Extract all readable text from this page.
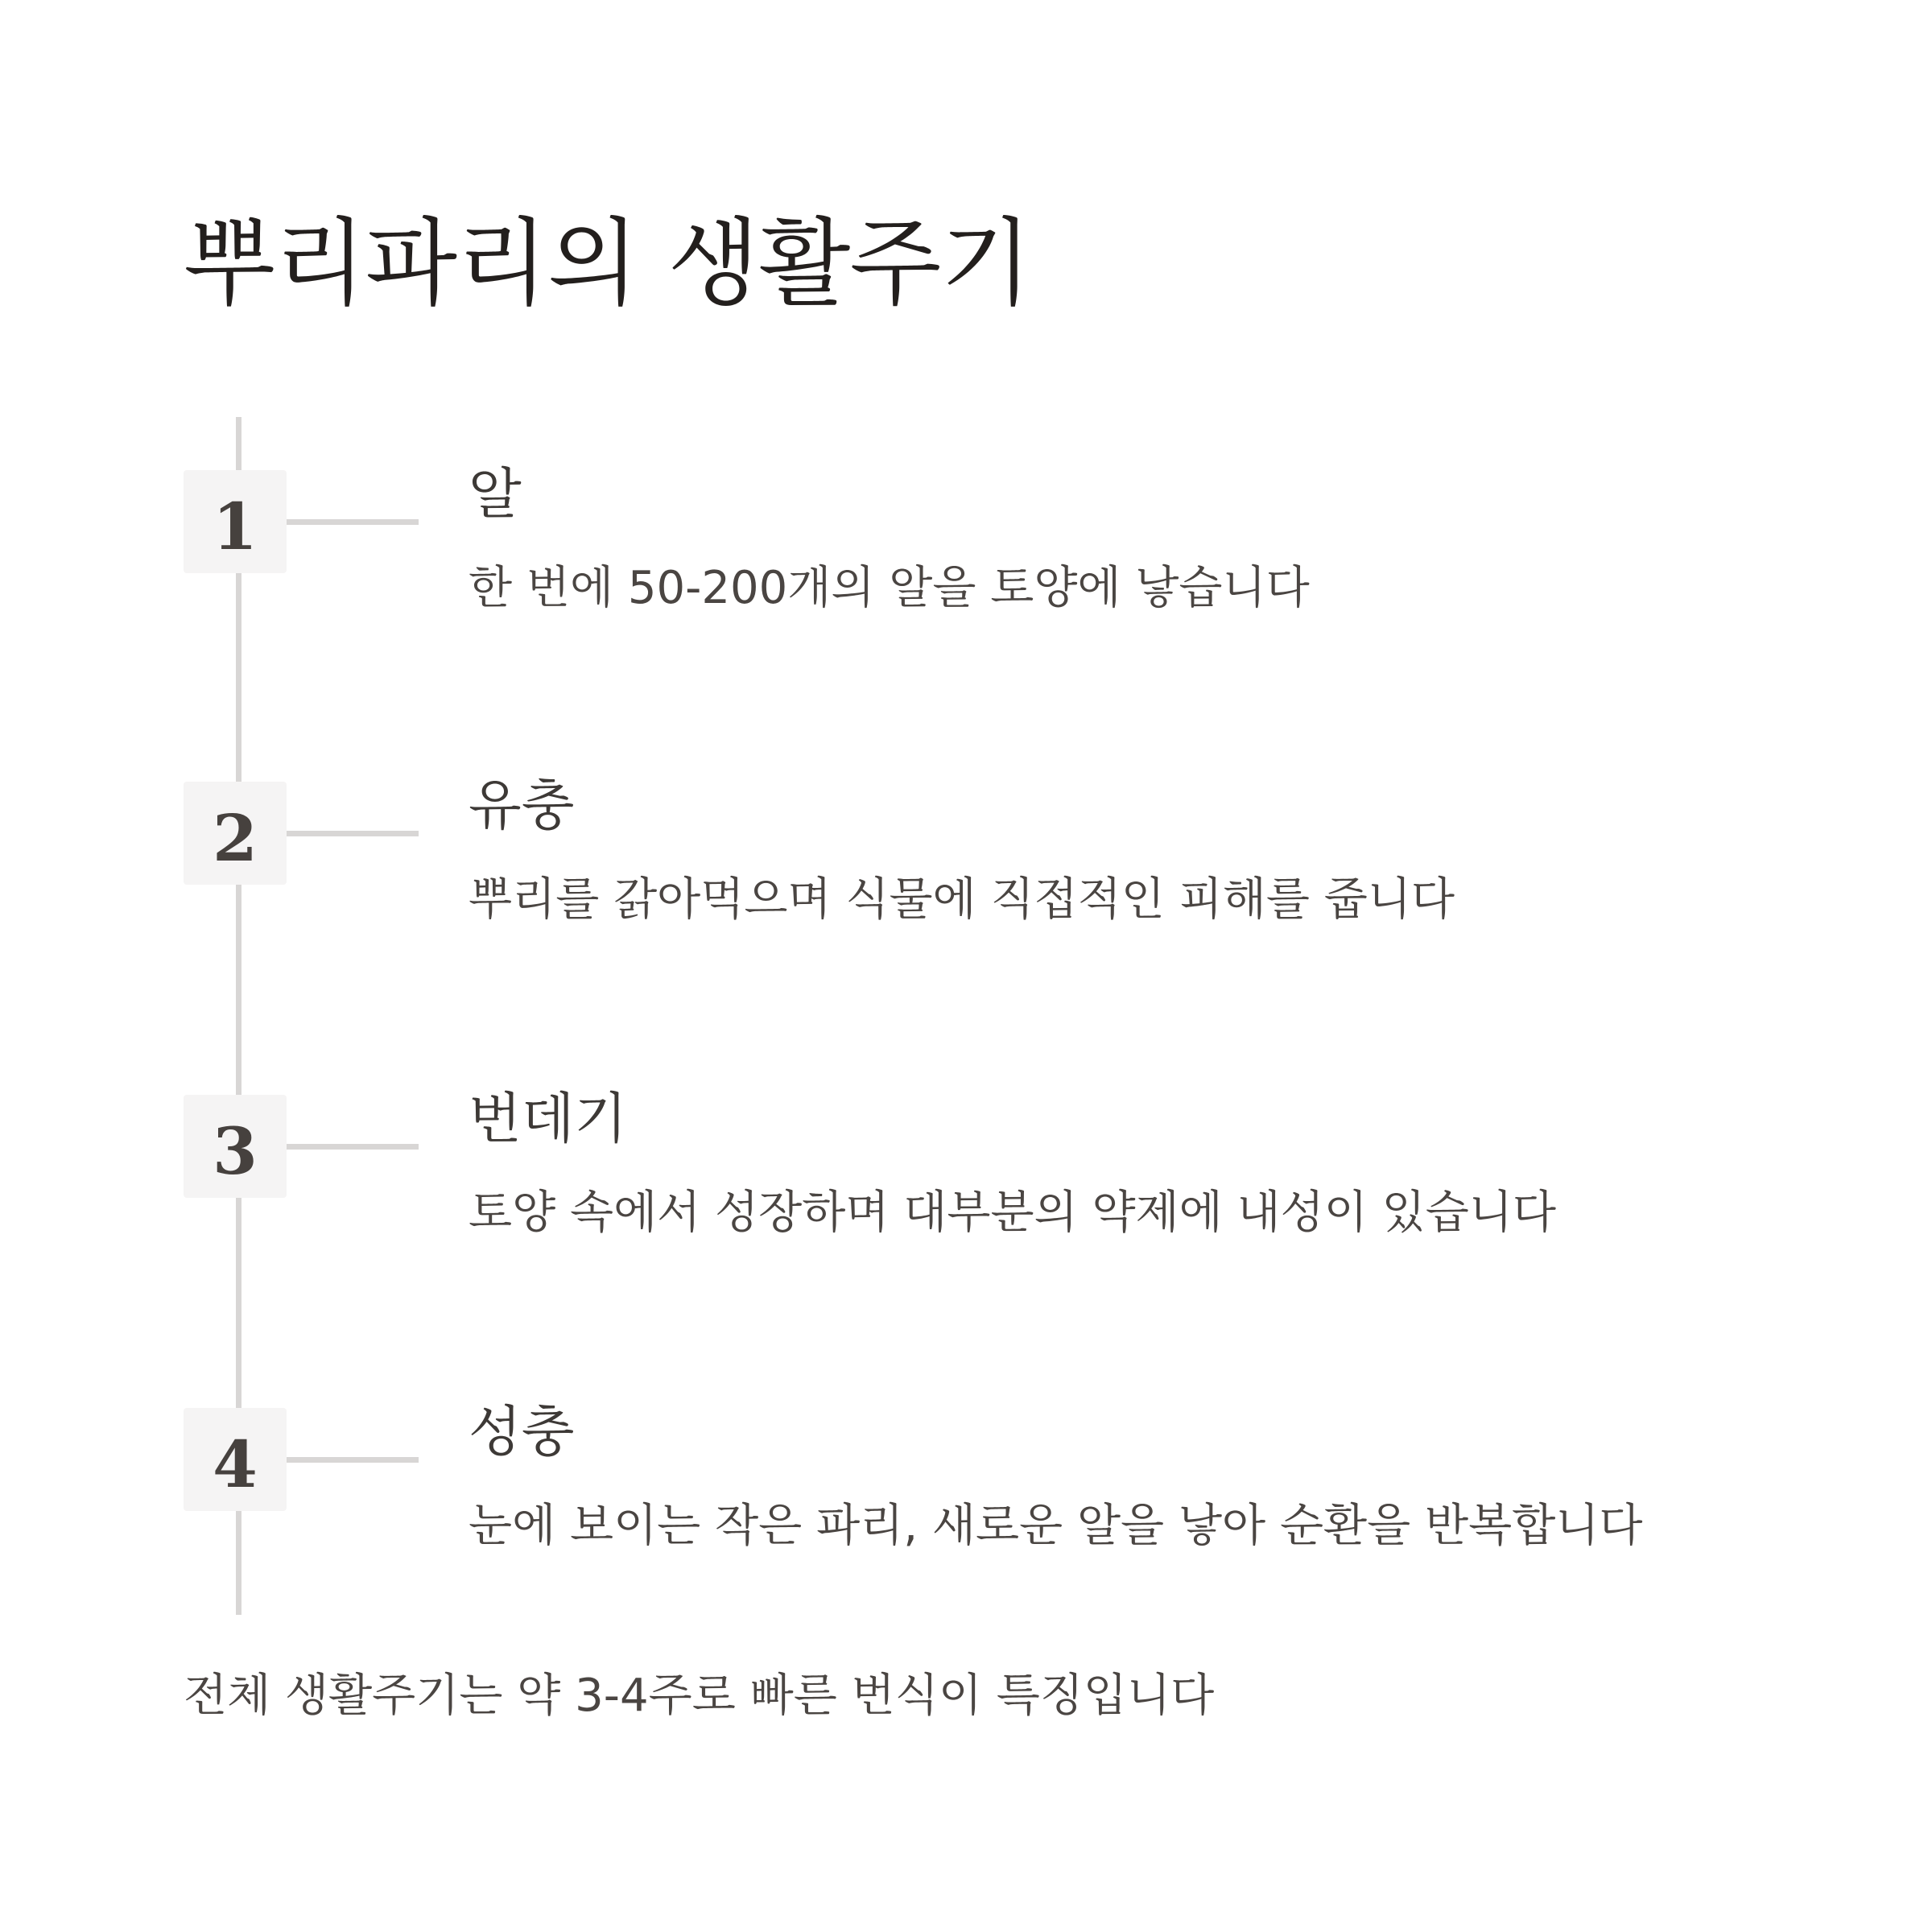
뿌리파리의 생활주기
1	알
한 번에 50-200개의 알을 토양에 낳습니다
2	유충
뿌리를 갉아먹으며 식물에 직접적인 피해를 줍니다
3	번데기
토양 속에서 성장하며 대부분의 약제에 내성이 있습니다
4	성충
눈에 보이는 작은 파리, 새로운 알을 낳아 순환을 반복합니다

전체 생활주기는 약 3-4주로 빠른 번식이 특징입니다
